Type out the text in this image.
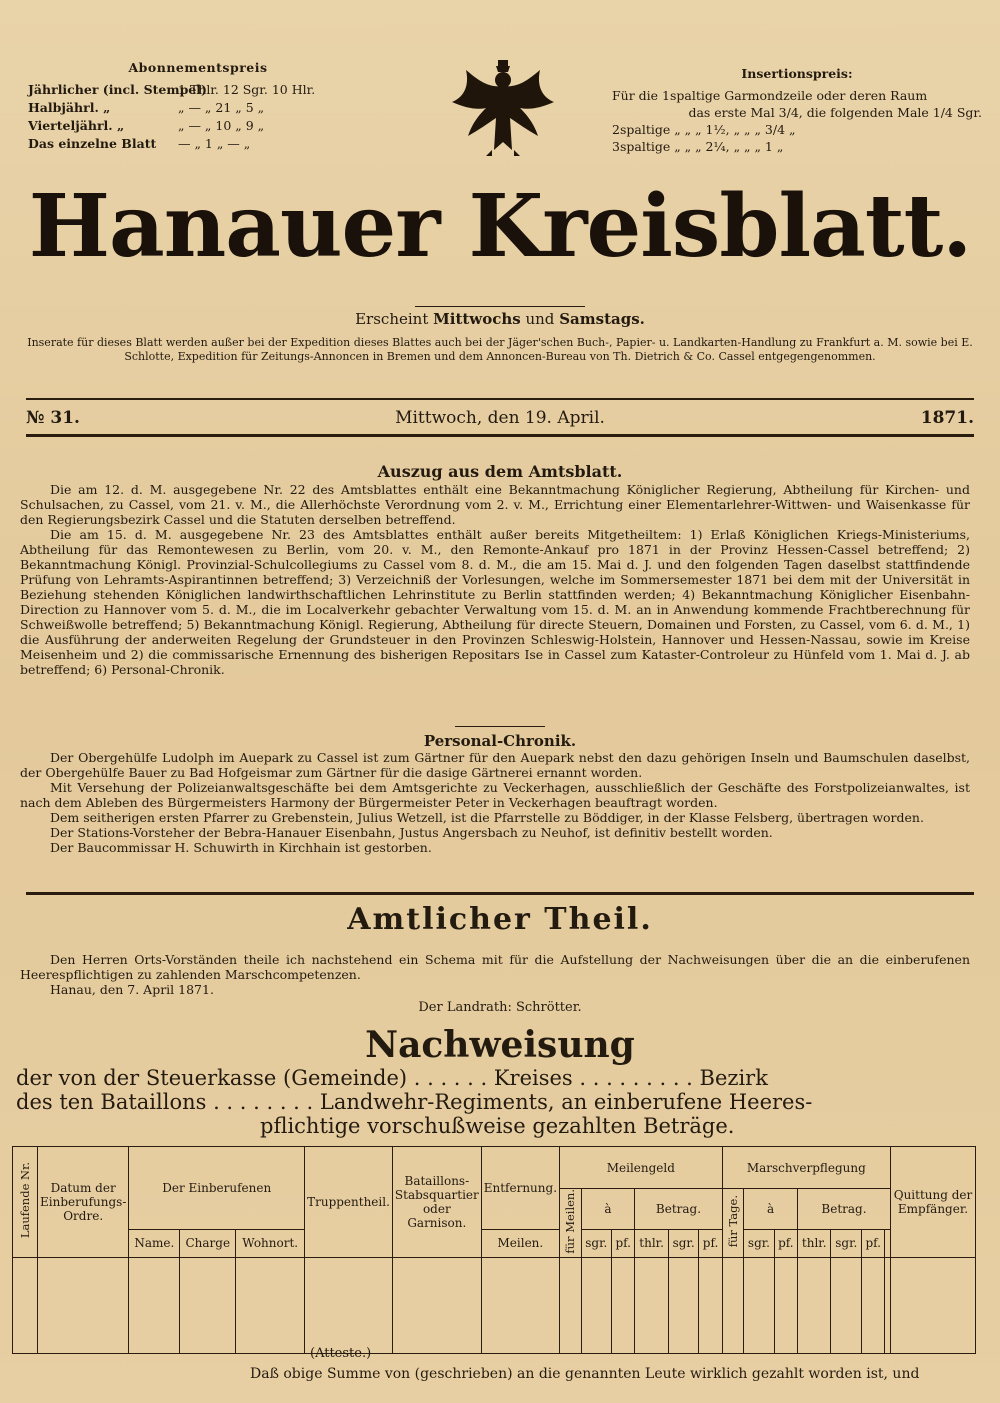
Abonnementspreis
Jährlicher (incl. Stempel)
1 Thlr. 12 Sgr. 10 Hlr.
Halbjährl. „	„ — „ 21 „ 5 „
Vierteljährl. „	„ — „ 10 „ 9 „
Das einzelne Blatt	— „ 1 „ — „
Insertionspreis:
Für die 1spaltige Garmondzeile oder deren Raum
das erste Mal 3/4, die folgenden Male 1/4 Sgr.
2spaltige „ „ „ 1½, „ „ „ 3/4 „
3spaltige „ „ „ 2¼, „ „ „ 1 „
Hanauer Kreisblatt.
Erscheint Mittwochs und Samstags.
Inserate für dieses Blatt werden außer bei der Expedition dieses Blattes auch bei der Jäger'schen Buch-, Papier- u. Landkarten-Handlung zu Frankfurt a. M. sowie bei E. Schlotte, Expedition für Zeitungs-Annoncen in Bremen und dem Annoncen-Bureau von Th. Dietrich & Co. Cassel entgegengenommen.
№ 31.	Mittwoch, den 19. April.	1871.
Auszug aus dem Amtsblatt.

Die am 12. d. M. ausgegebene Nr. 22 des Amtsblattes enthält eine Bekanntmachung Königlicher Regierung, Abtheilung für Kirchen- und Schulsachen, zu Cassel, vom 21. v. M., die Allerhöchste Verordnung vom 2. v. M., Errichtung einer Elementarlehrer-Wittwen- und Waisenkasse für den Regierungsbezirk Cassel und die Statuten derselben betreffend.

Die am 15. d. M. ausgegebene Nr. 23 des Amtsblattes enthält außer bereits Mitgetheiltem: 1) Erlaß Königlichen Kriegs-Ministeriums, Abtheilung für das Remontewesen zu Berlin, vom 20. v. M., den Remonte-Ankauf pro 1871 in der Provinz Hessen-Cassel betreffend; 2) Bekanntmachung Königl. Provinzial-Schulcollegiums zu Cassel vom 8. d. M., die am 15. Mai d. J. und den folgenden Tagen daselbst stattfindende Prüfung von Lehramts-Aspirantinnen betreffend; 3) Verzeichniß der Vorlesungen, welche im Sommersemester 1871 bei dem mit der Universität in Beziehung stehenden Königlichen landwirthschaftlichen Lehrinstitute zu Berlin stattfinden werden; 4) Bekanntmachung Königlicher Eisenbahn-Direction zu Hannover vom 5. d. M., die im Localverkehr gebachter Verwaltung vom 15. d. M. an in Anwendung kommende Frachtberechnung für Schweißwolle betreffend; 5) Bekanntmachung Königl. Regierung, Abtheilung für directe Steuern, Domainen und Forsten, zu Cassel, vom 6. d. M., 1) die Ausführung der anderweiten Regelung der Grundsteuer in den Provinzen Schleswig-Holstein, Hannover und Hessen-Nassau, sowie im Kreise Meisenheim und 2) die commissarische Ernennung des bisherigen Repositars Ise in Cassel zum Kataster-Controleur zu Hünfeld vom 1. Mai d. J. ab betreffend; 6) Personal-Chronik.

Personal-Chronik.

Der Obergehülfe Ludolph im Auepark zu Cassel ist zum Gärtner für den Auepark nebst den dazu gehörigen Inseln und Baumschulen daselbst, der Obergehülfe Bauer zu Bad Hofgeismar zum Gärtner für die dasige Gärtnerei ernannt worden.

Mit Versehung der Polizeianwaltsgeschäfte bei dem Amtsgerichte zu Veckerhagen, ausschließlich der Geschäfte des Forstpolizeianwaltes, ist nach dem Ableben des Bürgermeisters Harmony der Bürgermeister Peter in Veckerhagen beauftragt worden.

Dem seitherigen ersten Pfarrer zu Grebenstein, Julius Wetzell, ist die Pfarrstelle zu Böddiger, in der Klasse Felsberg, übertragen worden.

Der Stations-Vorsteher der Bebra-Hanauer Eisenbahn, Justus Angersbach zu Neuhof, ist definitiv bestellt worden.

Der Baucommissar H. Schuwirth in Kirchhain ist gestorben.

Amtlicher Theil.

Den Herren Orts-Vorständen theile ich nachstehend ein Schema mit für die Aufstellung der Nachweisungen über die an die einberufenen Heerespflichtigen zu zahlenden Marschcompetenzen.

Hanau, den 7. April 1871.

Der Landrath: Schrötter.
Nachweisung
der von der Steuerkasse (Gemeinde) . . . . . . Kreises . . . . . . . . . Bezirk
des ten Bataillons . . . . . . . . Landwehr-Regiments, an einberufene Heeres-
pflichtige vorschußweise gezahlten Beträge.
Laufende Nr.	Datum der Einberufungs-Ordre.	Der Einberufenen			Truppentheil.	Bataillons-Stabsquartier oder Garnison.	Entfernung.	Meilengeld						Marschverpflegung							Quittung der Empfänger.
								für Meilen.	à		Betrag.			für Tage.	à		Betrag.				
		Name.	Charge	Wohnort.			Meilen.		sgr.	pf.	thlr.	sgr.	pf.		sgr.	pf.	thlr.	sgr.	pf.		

(Atteste.)
Daß obige Summe von (geschrieben) an die genannten Leute wirklich gezahlt worden ist, und
